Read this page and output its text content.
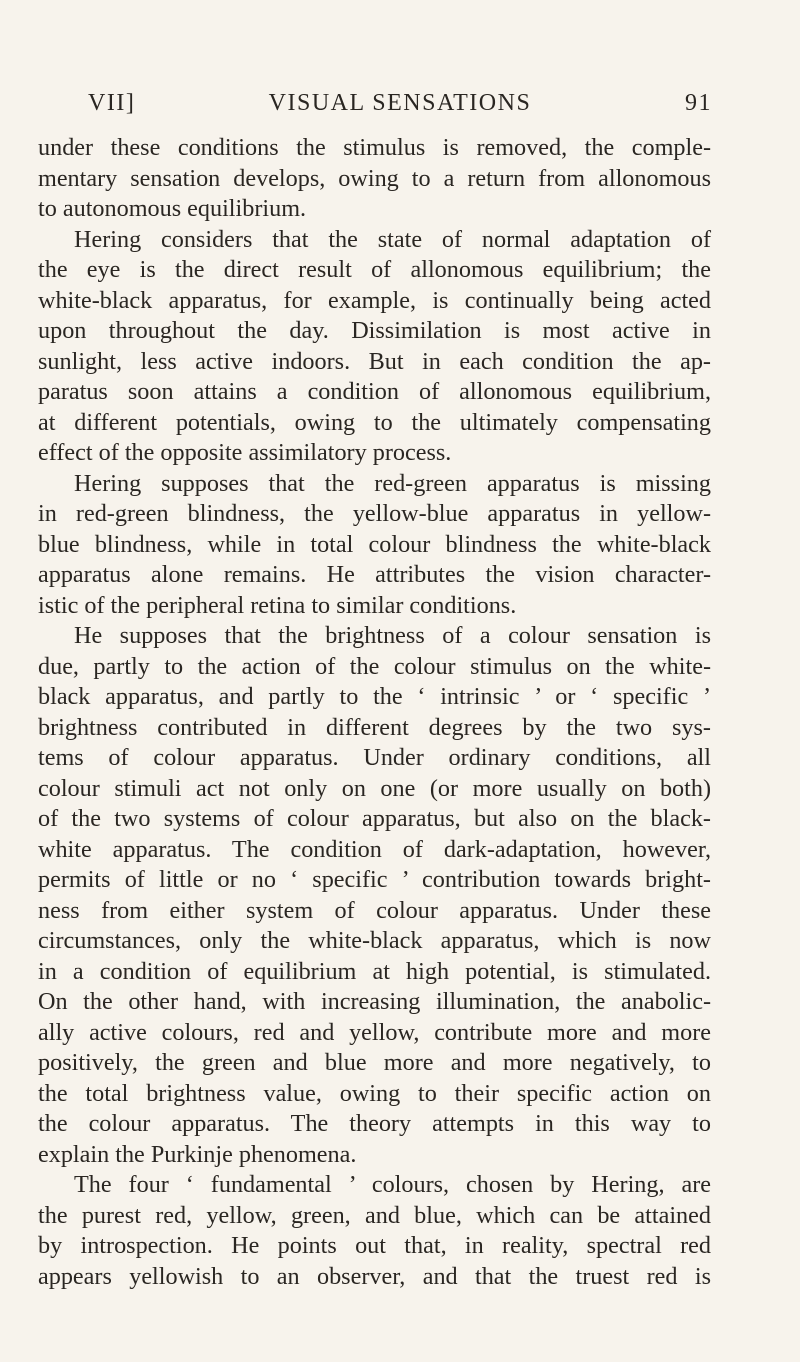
VII]	VISUAL SENSATIONS	91
under these conditions the stimulus is removed, the comple-
mentary sensation develops, owing to a return from allonomous
to autonomous equilibrium.
Hering considers that the state of normal adaptation of
the eye is the direct result of allonomous equilibrium; the
white-black apparatus, for example, is continually being acted
upon throughout the day. Dissimilation is most active in
sunlight, less active indoors. But in each condition the ap-
paratus soon attains a condition of allonomous equilibrium,
at different potentials, owing to the ultimately compensating
effect of the opposite assimilatory process.
Hering supposes that the red-green apparatus is missing
in red-green blindness, the yellow-blue apparatus in yellow-
blue blindness, while in total colour blindness the white-black
apparatus alone remains. He attributes the vision character-
istic of the peripheral retina to similar conditions.
He supposes that the brightness of a colour sensation is
due, partly to the action of the colour stimulus on the white-
black apparatus, and partly to the ‘ intrinsic ’ or ‘ specific ’
brightness contributed in different degrees by the two sys-
tems of colour apparatus. Under ordinary conditions, all
colour stimuli act not only on one (or more usually on both)
of the two systems of colour apparatus, but also on the black-
white apparatus. The condition of dark-adaptation, however,
permits of little or no ‘ specific ’ contribution towards bright-
ness from either system of colour apparatus. Under these
circumstances, only the white-black apparatus, which is now
in a condition of equilibrium at high potential, is stimulated.
On the other hand, with increasing illumination, the anabolic-
ally active colours, red and yellow, contribute more and more
positively, the green and blue more and more negatively, to
the total brightness value, owing to their specific action on
the colour apparatus. The theory attempts in this way to
explain the Purkinje phenomena.
The four ‘ fundamental ’ colours, chosen by Hering, are
the purest red, yellow, green, and blue, which can be attained
by introspection. He points out that, in reality, spectral red
appears yellowish to an observer, and that the truest red is
